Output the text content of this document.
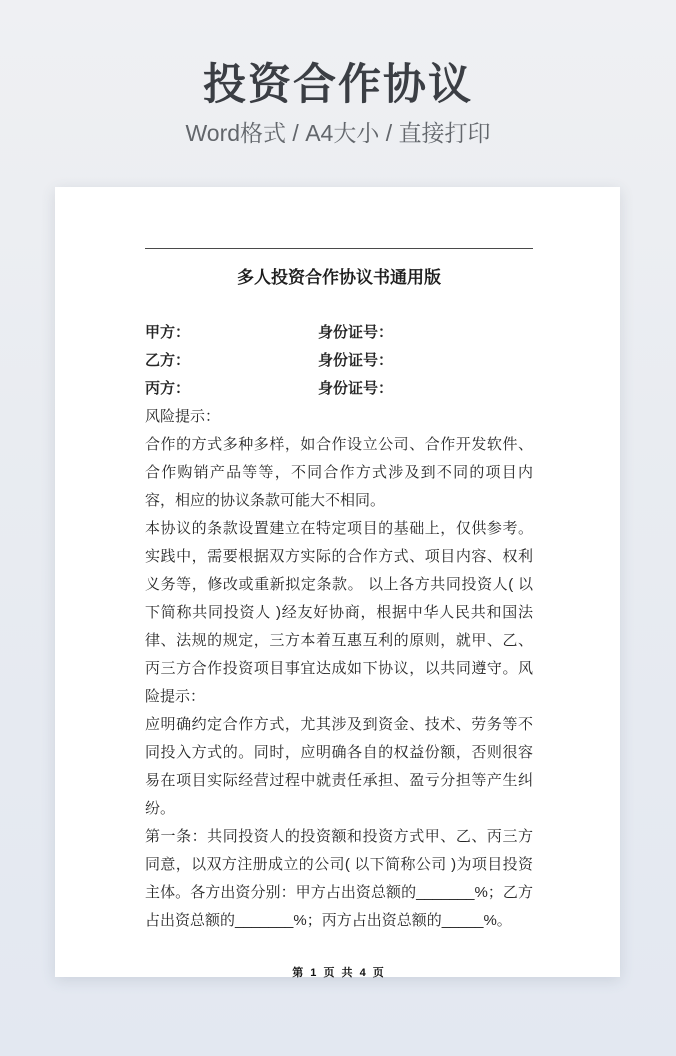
投资合作协议
Word格式 / A4大小 / 直接打印
多人投资合作协议书通用版
甲方：	身份证号：
乙方：	身份证号：
丙方：	身份证号：

风险提示：

合作的方式多种多样，如合作设立公司、合作开发软件、合作购销产品等等，不同合作方式涉及到不同的项目内容，相应的协议条款可能大不相同。

本协议的条款设置建立在特定项目的基础上，仅供参考。实践中，需要根据双方实际的合作方式、项目内容、权利义务等，修改或重新拟定条款。 以上各方共同投资人( 以下简称共同投资人 )经友好协商，根据中华人民共和国法律、法规的规定，三方本着互惠互利的原则，就甲、乙、丙三方合作投资项目事宜达成如下协议，以共同遵守。风险提示：

应明确约定合作方式，尤其涉及到资金、技术、劳务等不同投入方式的。同时，应明确各自的权益份额，否则很容易在项目实际经营过程中就责任承担、盈亏分担等产生纠纷。

第一条：共同投资人的投资额和投资方式甲、乙、丙三方同意，以双方注册成立的公司( 以下简称公司 )为项目投资主体。各方出资分别：甲方占出资总额的_______%；乙方占出资总额的_______%；丙方占出资总额的_____%。

第 1 页 共 4 页
